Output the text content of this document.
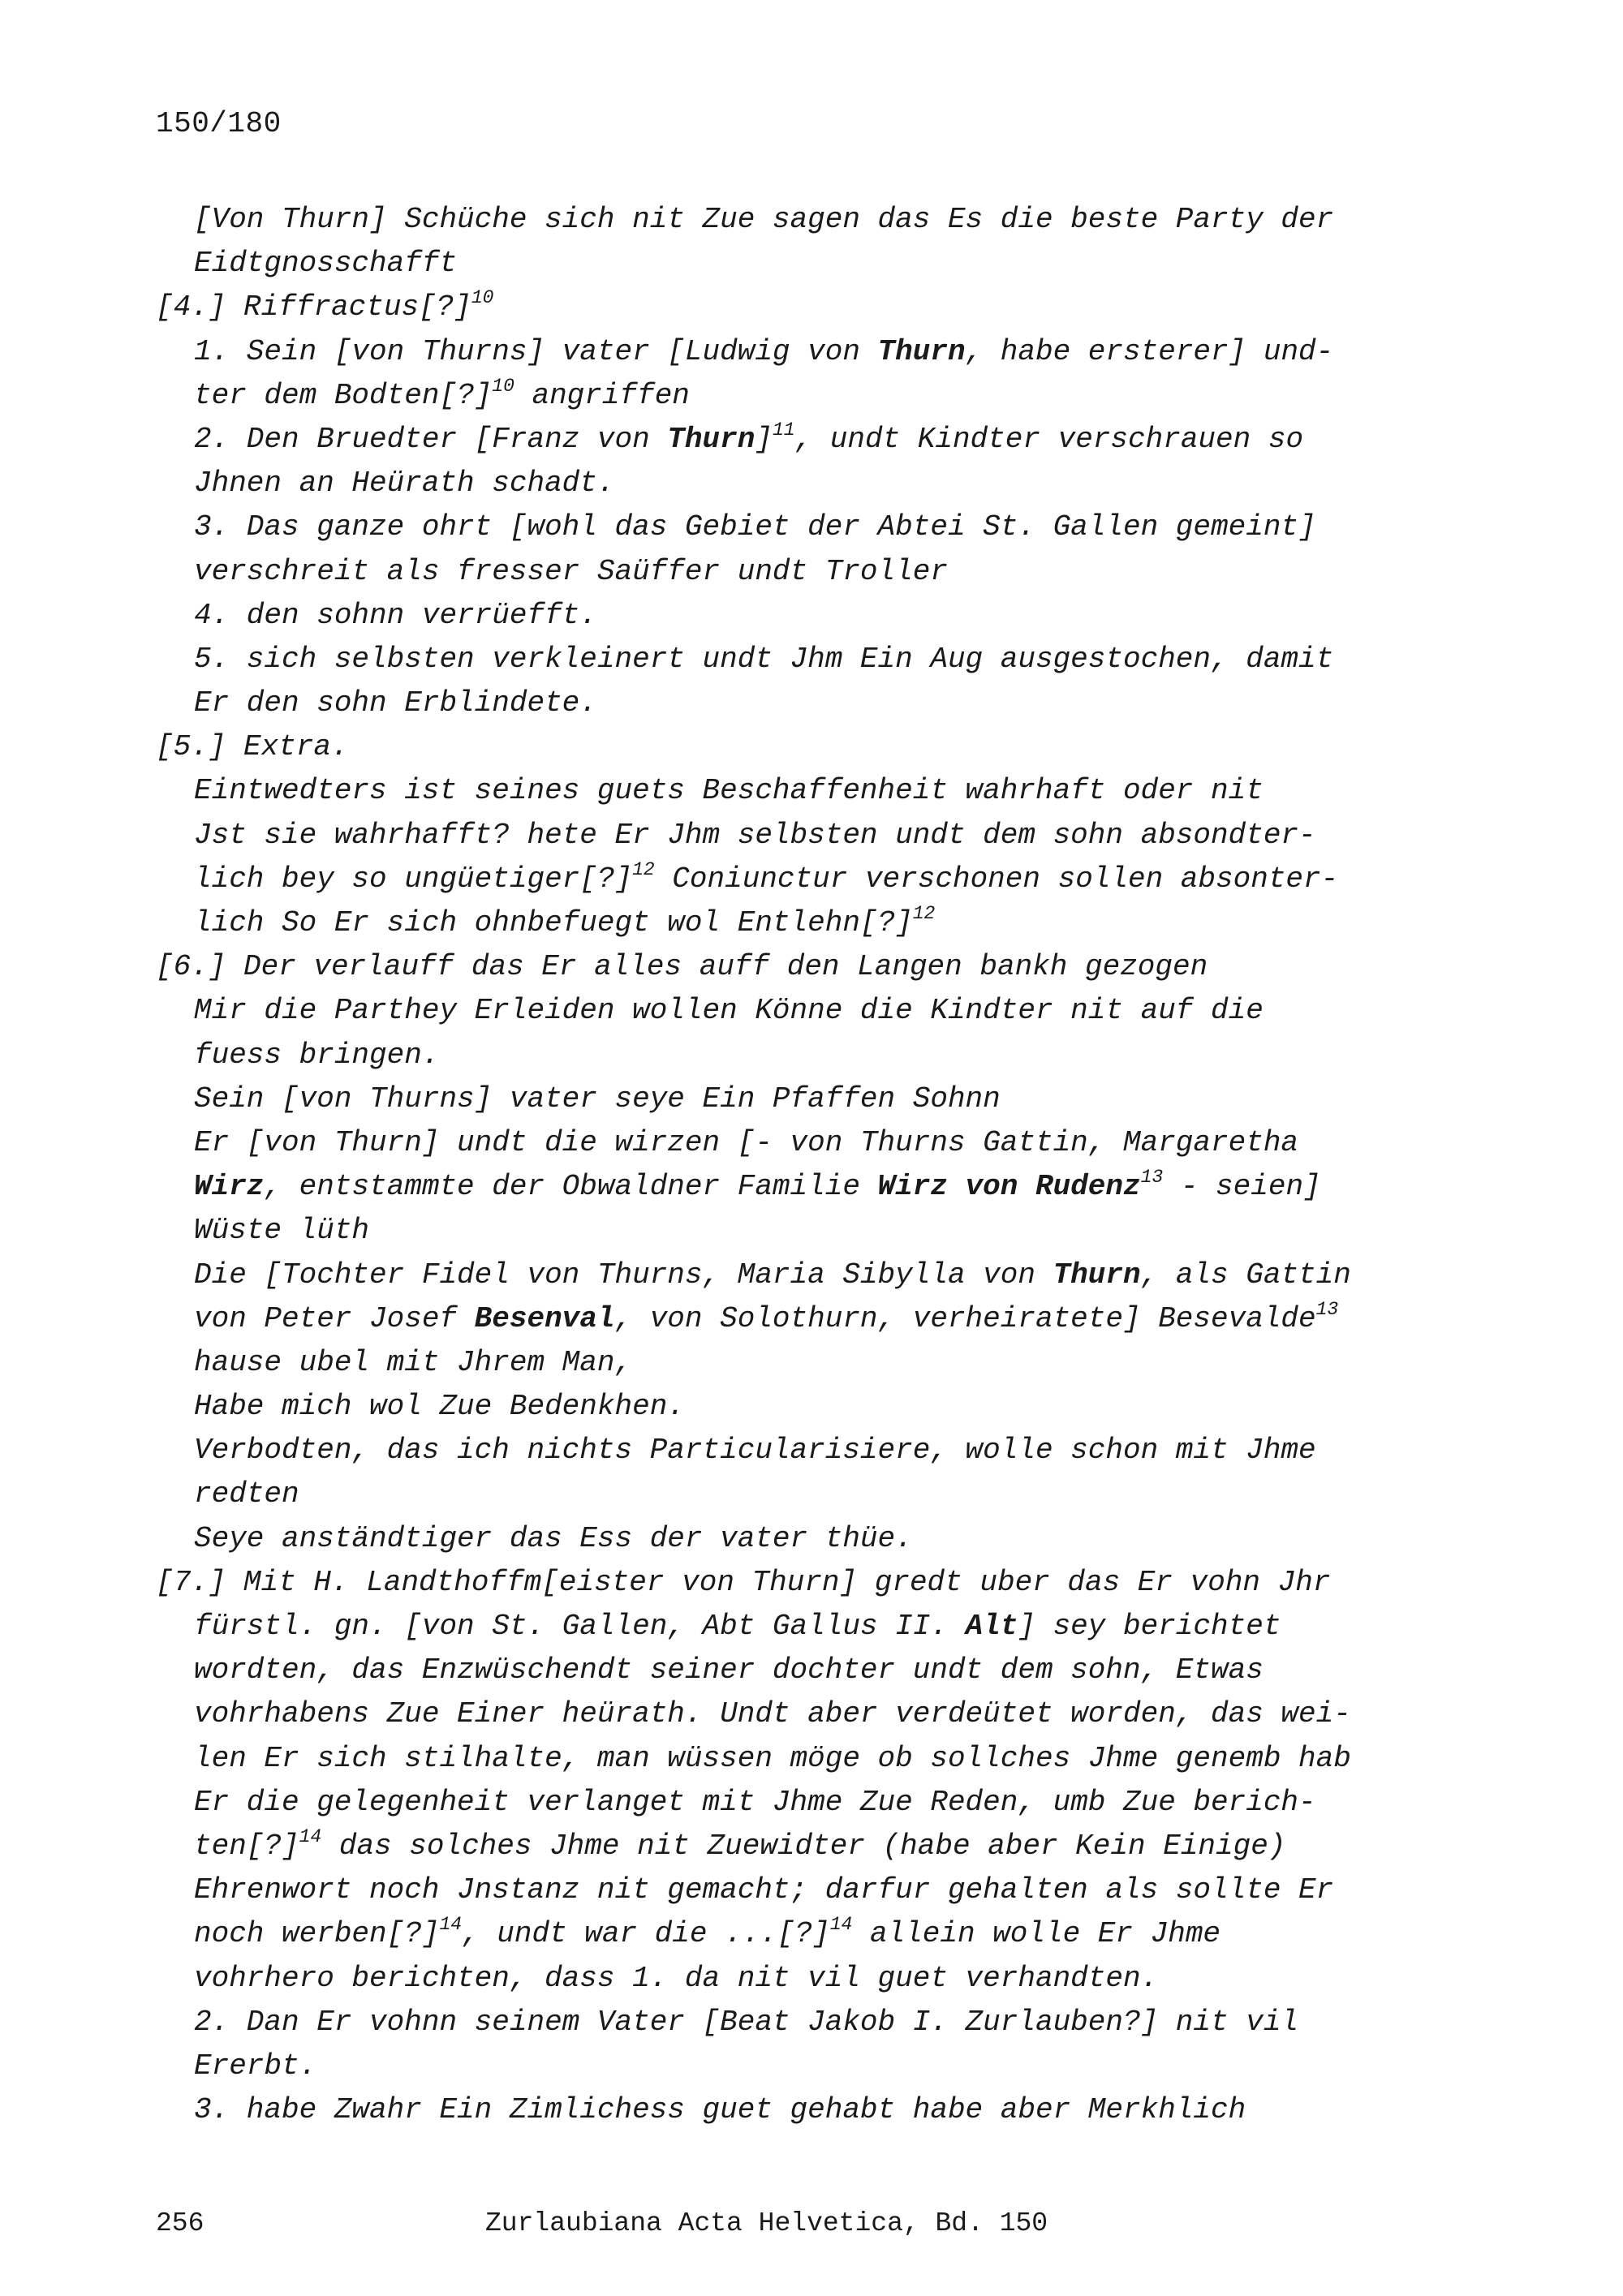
150/180
[Von Thurn] Schüche sich nit Zue sagen das Es die beste Party der
Eidtgnosschafft
[4.] Riffractus[?]$^{10}$
1. Sein [von Thurns] vater [Ludwig von Thurn, habe ersterer] und-
ter dem Bodten[?]$^{10}$ angriffen
2. Den Bruedter [Franz von Thurn]$^{11}$, undt Kindter verschrauen so
Jhnen an Heürath schadt.
3. Das ganze ohrt [wohl das Gebiet der Abtei St. Gallen gemeint]
verschreit als fresser Saüffer undt Troller
4. den sohnn verrüefft.
5. sich selbsten verkleinert undt Jhm Ein Aug ausgestochen, damit
Er den sohn Erblindete.
[5.] Extra.
Eintwedters ist seines guets Beschaffenheit wahrhaft oder nit
Jst sie wahrhafft? hete Er Jhm selbsten undt dem sohn absondter-
lich bey so ungüetiger[?]$^{12}$ Coniunctur verschonen sollen absonter-
lich So Er sich ohnbefuegt wol Entlehn[?]$^{12}$
[6.] Der verlauff das Er alles auff den Langen bankh gezogen
Mir die Parthey Erleiden wollen Könne die Kindter nit auf die
fuess bringen.
Sein [von Thurns] vater seye Ein Pfaffen Sohnn
Er [von Thurn] undt die wirzen [- von Thurns Gattin, Margaretha
Wirz, entstammte der Obwaldner Familie Wirz von Rudenz$^{13}$ - seien]
Wüste lüth
Die [Tochter Fidel von Thurns, Maria Sibylla von Thurn, als Gattin
von Peter Josef Besenval, von Solothurn, verheiratete] Besevalde$^{13}$
hause ubel mit Jhrem Man,
Habe mich wol Zue Bedenkhen.
Verbodten, das ich nichts Particularisiere, wolle schon mit Jhme
redten
Seye anständtiger das Ess der vater thüe.
[7.] Mit H. Landthoffm[eister von Thurn] gredt uber das Er vohn Jhr
fürstl. gn. [von St. Gallen, Abt Gallus II. Alt] sey berichtet
wordten, das Enzwüschendt seiner dochter undt dem sohn, Etwas
vohrhabens Zue Einer heürath. Undt aber verdeütet worden, das wei-
len Er sich stilhalte, man wüssen möge ob sollches Jhme genemb hab
Er die gelegenheit verlanget mit Jhme Zue Reden, umb Zue berich-
ten[?]$^{14}$ das solches Jhme nit Zuewidter (habe aber Kein Einige)
Ehrenwort noch Jnstanz nit gemacht; darfur gehalten als sollte Er
noch werben[?]$^{14}$, undt war die ...[?]$^{14}$ allein wolle Er Jhme
vohrhero berichten, dass 1. da nit vil guet verhandten.
2. Dan Er vohnn seinem Vater [Beat Jakob I. Zurlauben?] nit vil
Ererbt.
3. habe Zwahr Ein Zimlichess guet gehabt habe aber Merkhlich
256	Zurlaubiana Acta Helvetica, Bd. 150
